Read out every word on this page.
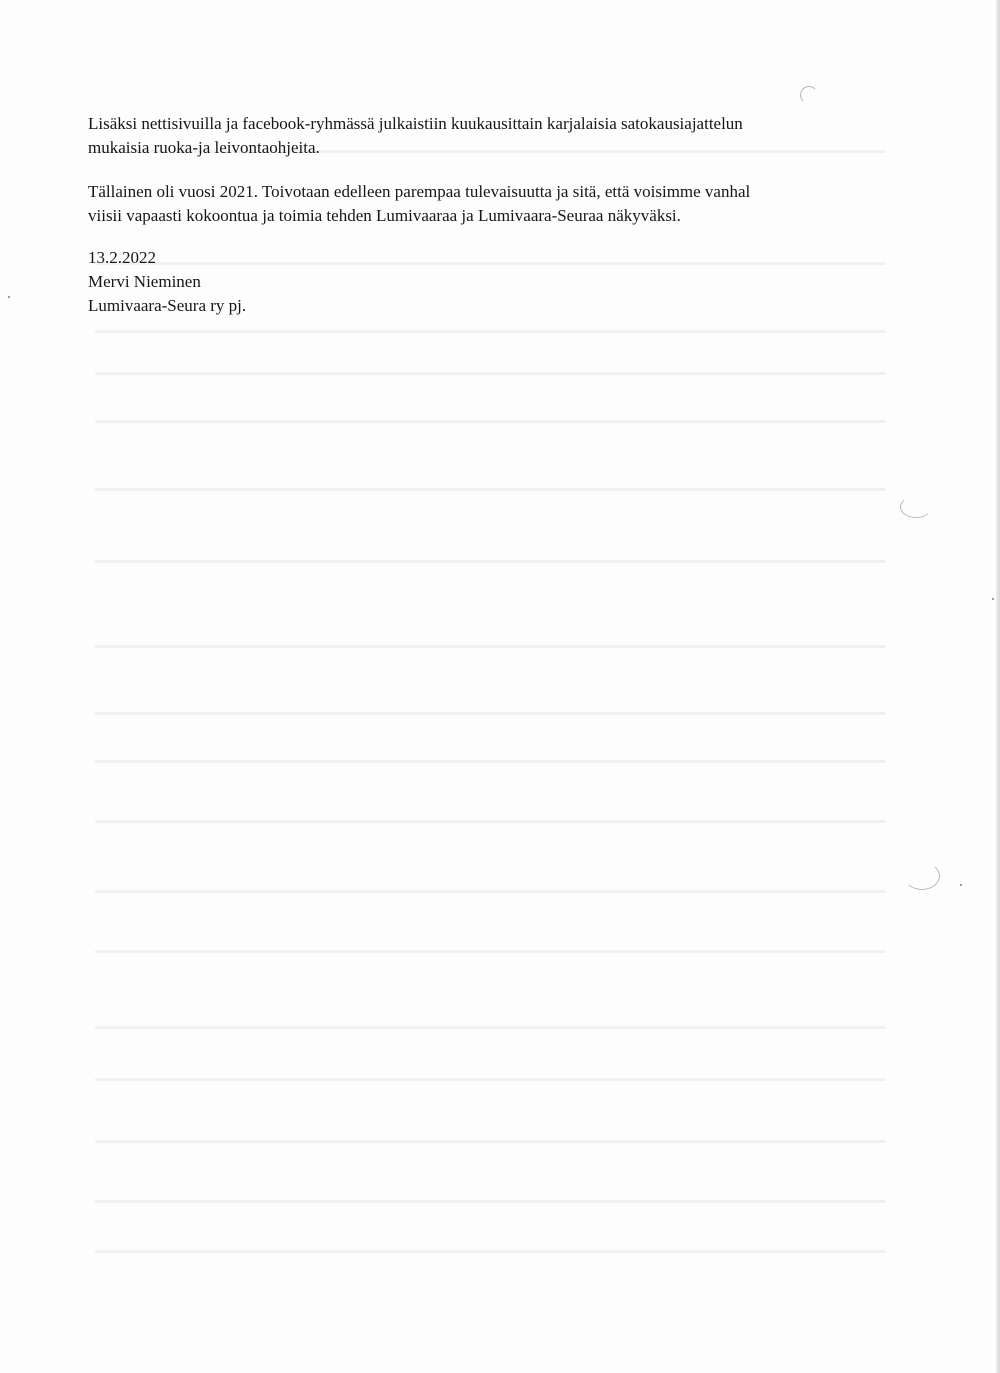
Lisäksi nettisivuilla ja facebook-ryhmässä julkaistiin kuukausittain karjalaisia satokausiajattelun
mukaisia ruoka-ja leivontaohjeita.

Tällainen oli vuosi 2021. Toivotaan edelleen parempaa tulevaisuutta ja sitä, että voisimme vanhal
viisii vapaasti kokoontua ja toimia tehden Lumivaaraa ja Lumivaara-Seuraa näkyväksi.

13.2.2022
Mervi Nieminen
Lumivaara-Seura ry pj.
